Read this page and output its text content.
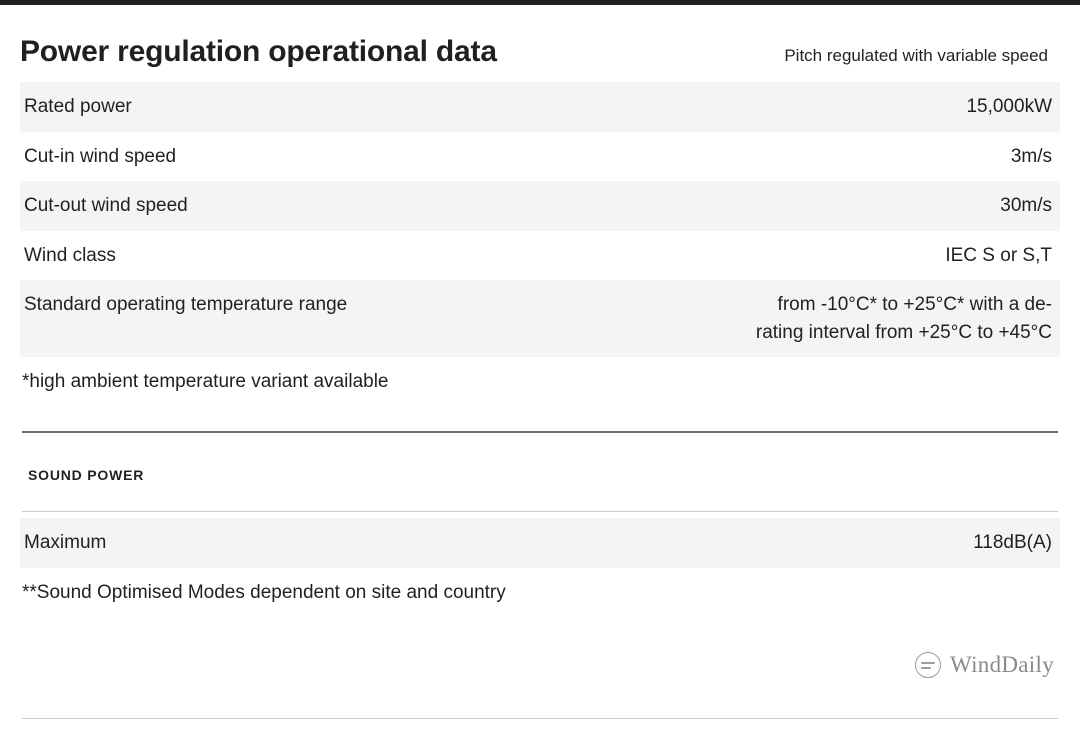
Power regulation operational data	Pitch regulated with variable speed
Rated power	15,000kW
Cut-in wind speed	3m/s
Cut-out wind speed	30m/s
Wind class	IEC S or S,T
Standard operating temperature range	from -10°C* to +25°C* with a de-
rating interval from +25°C to +45°C
*high ambient temperature variant available
SOUND POWER
Maximum	118dB(A)
**Sound Optimised Modes dependent on site and country
WindDaily
